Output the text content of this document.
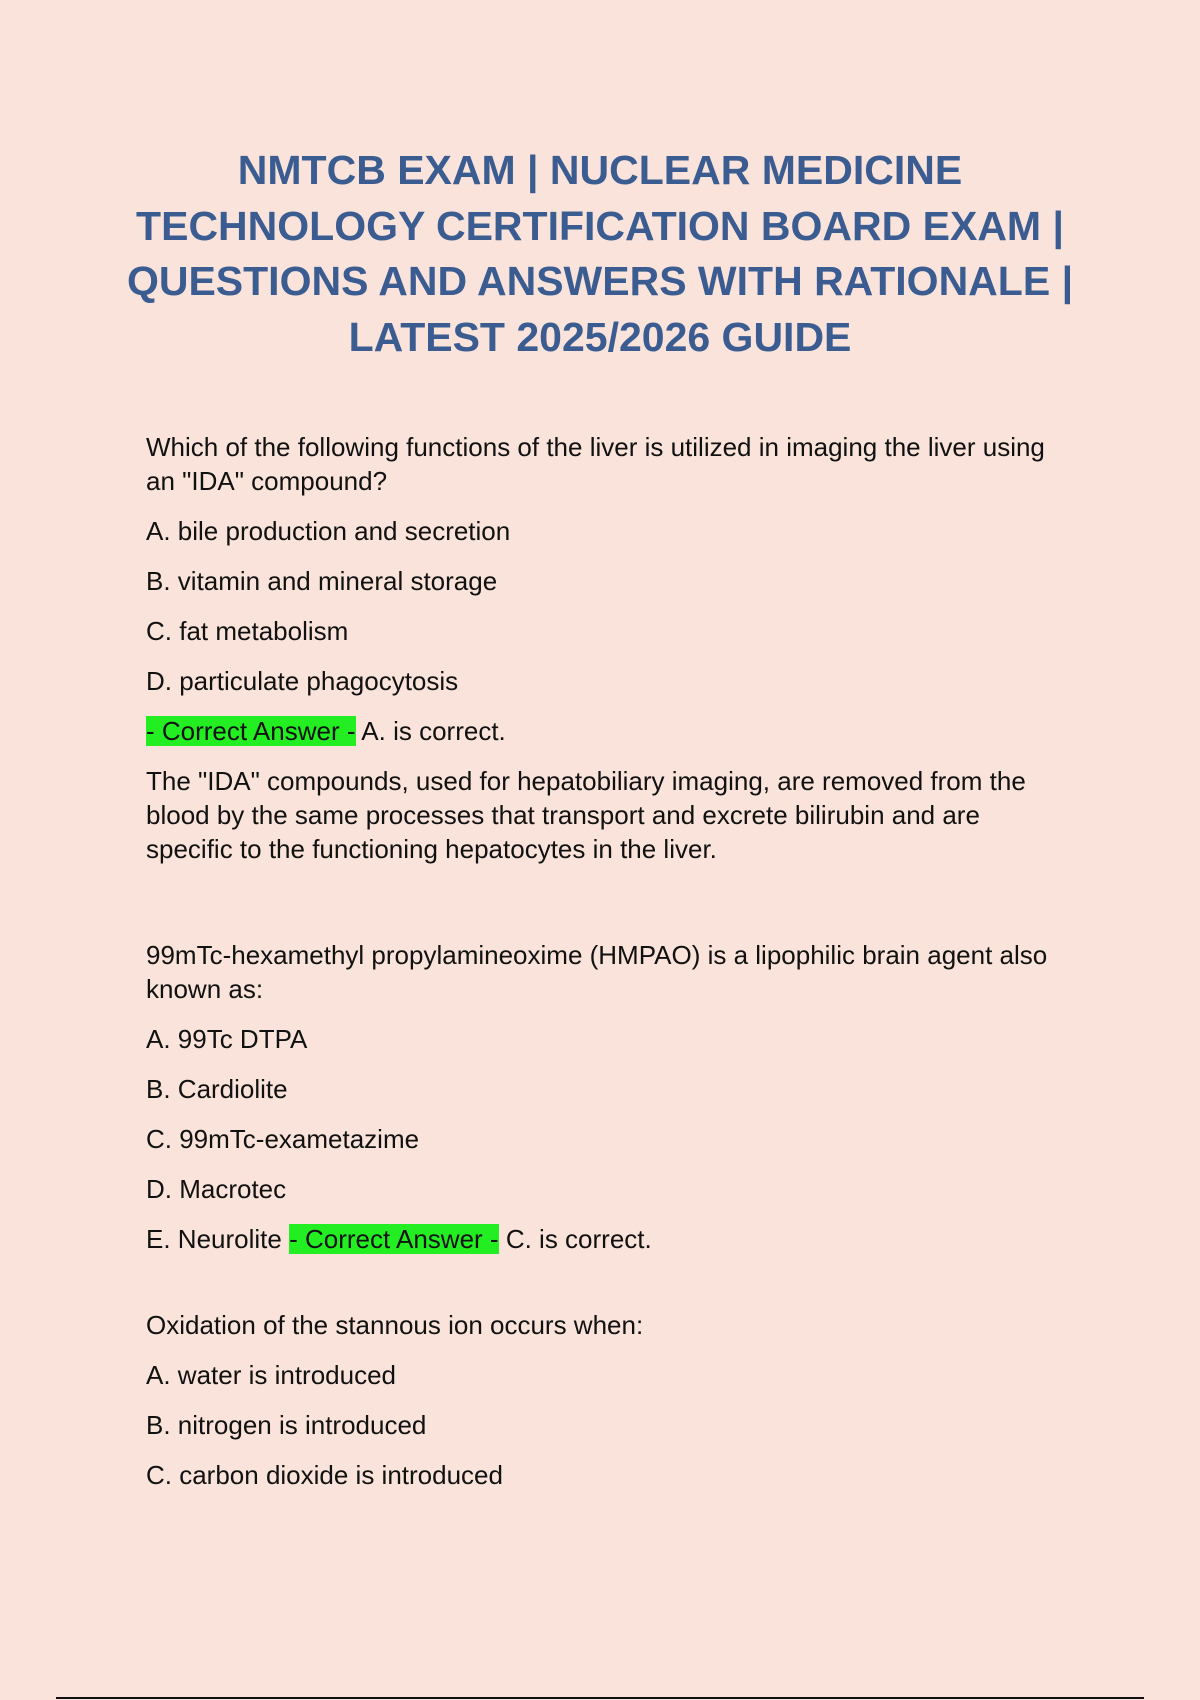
NMTCB EXAM | NUCLEAR MEDICINE TECHNOLOGY CERTIFICATION BOARD EXAM | QUESTIONS AND ANSWERS WITH RATIONALE | LATEST 2025/2026 GUIDE

Which of the following functions of the liver is utilized in imaging the liver using an "IDA" compound?

A. bile production and secretion

B. vitamin and mineral storage

C. fat metabolism

D. particulate phagocytosis

- Correct Answer - A. is correct.

The "IDA" compounds, used for hepatobiliary imaging, are removed from the blood by the same processes that transport and excrete bilirubin and are specific to the functioning hepatocytes in the liver.

99mTc-hexamethyl propylamineoxime (HMPAO) is a lipophilic brain agent also known as:

A. 99Tc DTPA

B. Cardiolite

C. 99mTc-exametazime

D. Macrotec

E. Neurolite - Correct Answer - C. is correct.

Oxidation of the stannous ion occurs when:

A. water is introduced

B. nitrogen is introduced

C. carbon dioxide is introduced
